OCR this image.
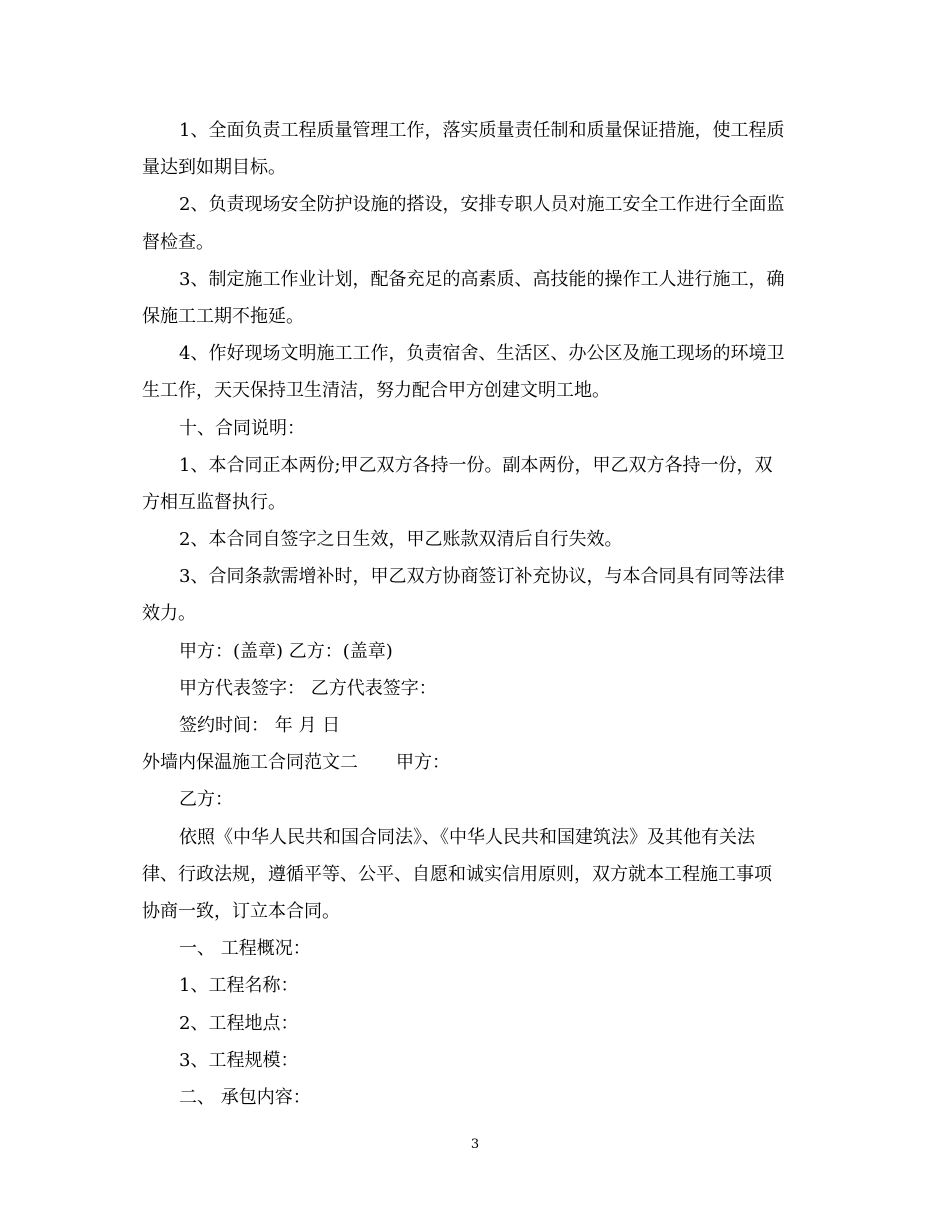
1、全面负责工程质量管理工作，落实质量责任制和质量保证措施，使工程质
量达到如期目标。
2、负责现场安全防护设施的搭设，安排专职人员对施工安全工作进行全面监
督检查。
3、制定施工作业计划，配备充足的高素质、高技能的操作工人进行施工，确
保施工工期不拖延。
4、作好现场文明施工工作，负责宿舍、生活区、办公区及施工现场的环境卫
生工作，天天保持卫生清洁，努力配合甲方创建文明工地。
十、合同说明：
1、本合同正本两份;甲乙双方各持一份。副本两份，甲乙双方各持一份，双
方相互监督执行。
2、本合同自签字之日生效，甲乙账款双清后自行失效。
3、合同条款需增补时，甲乙双方协商签订补充协议，与本合同具有同等法律
效力。
甲方：(盖章) 乙方：(盖章)
甲方代表签字： 乙方代表签字：
签约时间： 年 月 日
外墙内保温施工合同范文二 甲方：
乙方：
依照《中华人民共和国合同法》、《中华人民共和国建筑法》及其他有关法
律、行政法规，遵循平等、公平、自愿和诚实信用原则，双方就本工程施工事项
协商一致，订立本合同。
一、 工程概况：
1、工程名称：
2、工程地点：
3、工程规模：
二、 承包内容：
3
